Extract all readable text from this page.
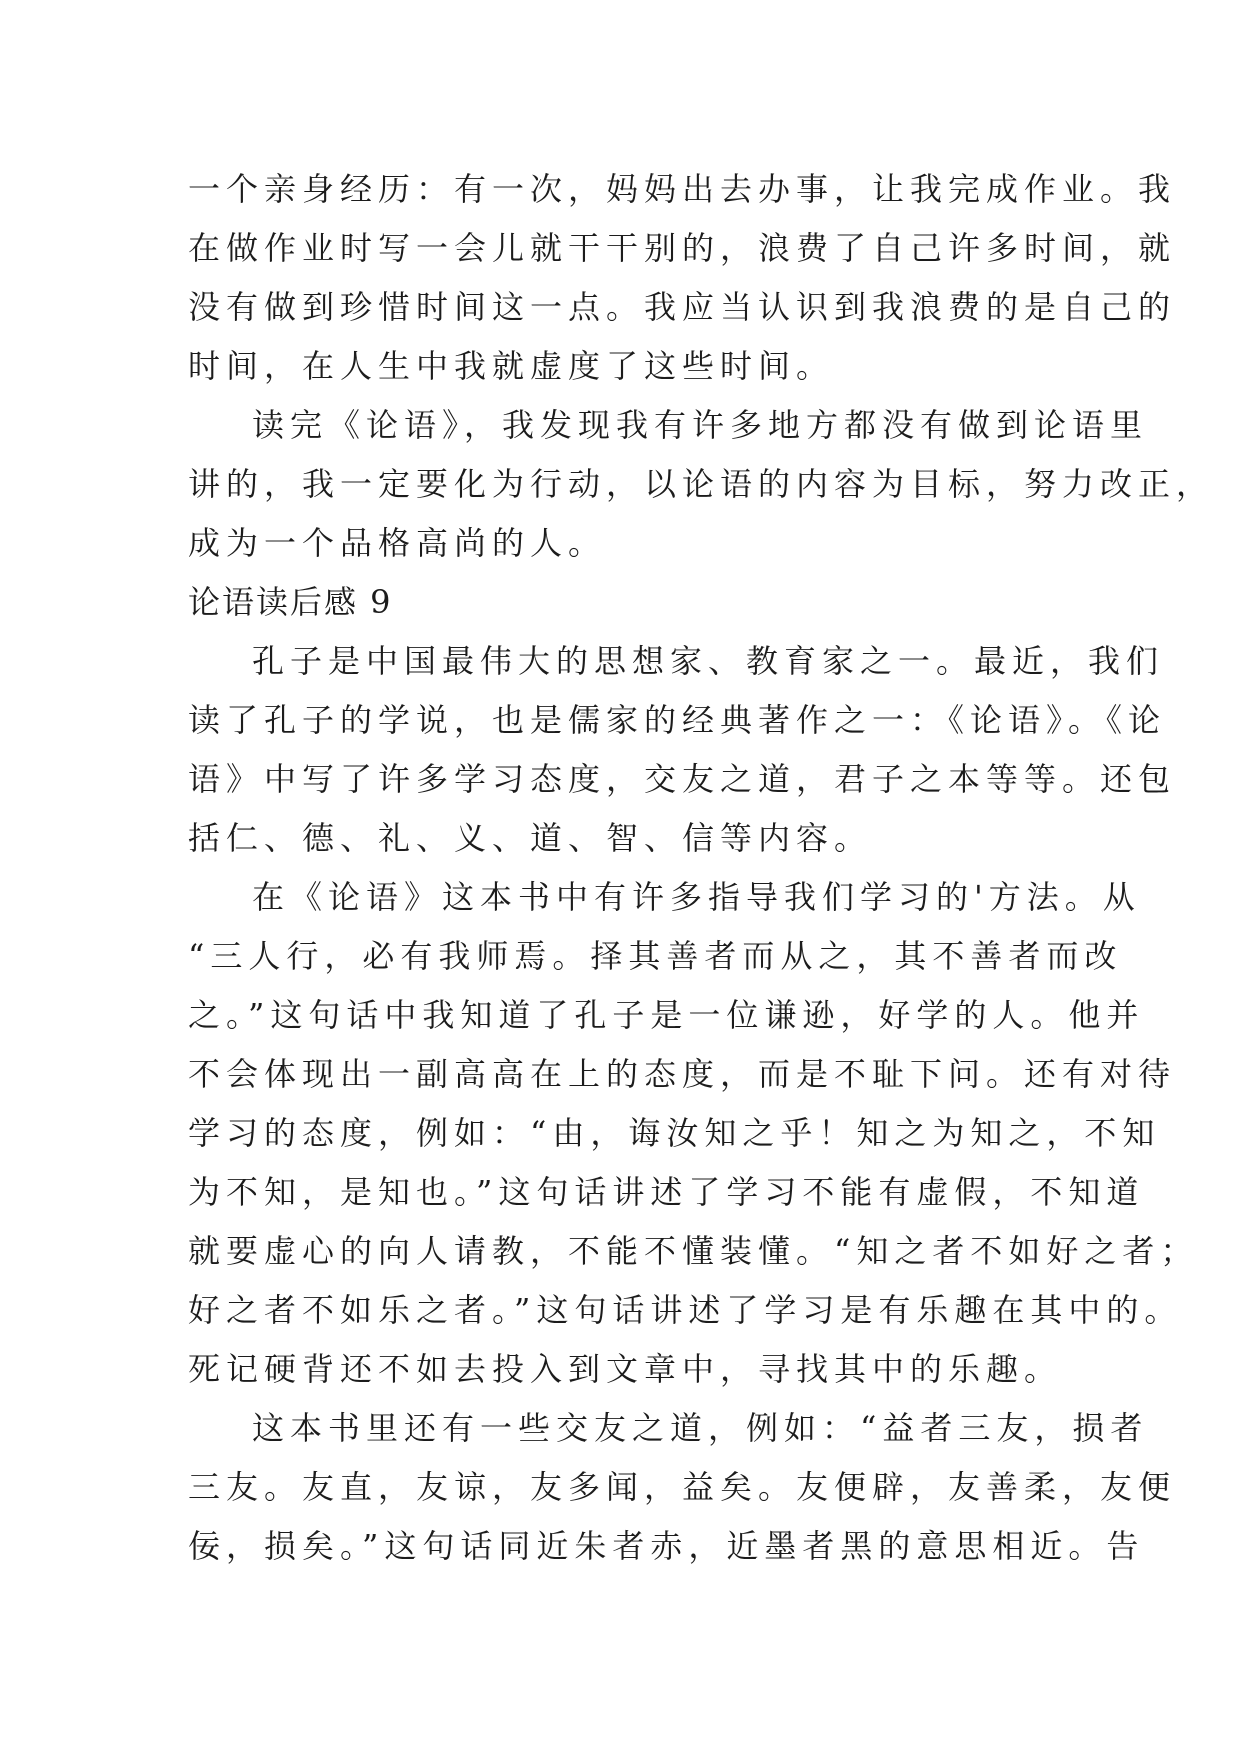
一个亲身经历：有一次，妈妈出去办事，让我完成作业。我
在做作业时写一会儿就干干别的，浪费了自己许多时间，就
没有做到珍惜时间这一点。我应当认识到我浪费的是自己的
时间，在人生中我就虚度了这些时间。
读完《论语》，我发现我有许多地方都没有做到论语里
讲的，我一定要化为行动，以论语的内容为目标，努力改正，
成为一个品格高尚的人。
论语读后感 9
孔子是中国最伟大的思想家、教育家之一。最近，我们
读了孔子的学说，也是儒家的经典著作之一：《论语》。《论
语》中写了许多学习态度，交友之道，君子之本等等。还包
括仁、德、礼、义、道、智、信等内容。
在《论语》这本书中有许多指导我们学习的'方法。从
“三人行，必有我师焉。择其善者而从之，其不善者而改
之。”这句话中我知道了孔子是一位谦逊，好学的人。他并
不会体现出一副高高在上的态度，而是不耻下问。还有对待
学习的态度，例如：“由，诲汝知之乎！知之为知之，不知
为不知，是知也。”这句话讲述了学习不能有虚假，不知道
就要虚心的向人请教，不能不懂装懂。“知之者不如好之者；
好之者不如乐之者。”这句话讲述了学习是有乐趣在其中的。
死记硬背还不如去投入到文章中，寻找其中的乐趣。
这本书里还有一些交友之道，例如：“益者三友，损者
三友。友直，友谅，友多闻，益矣。友便辟，友善柔，友便
佞，损矣。”这句话同近朱者赤，近墨者黑的意思相近。告
